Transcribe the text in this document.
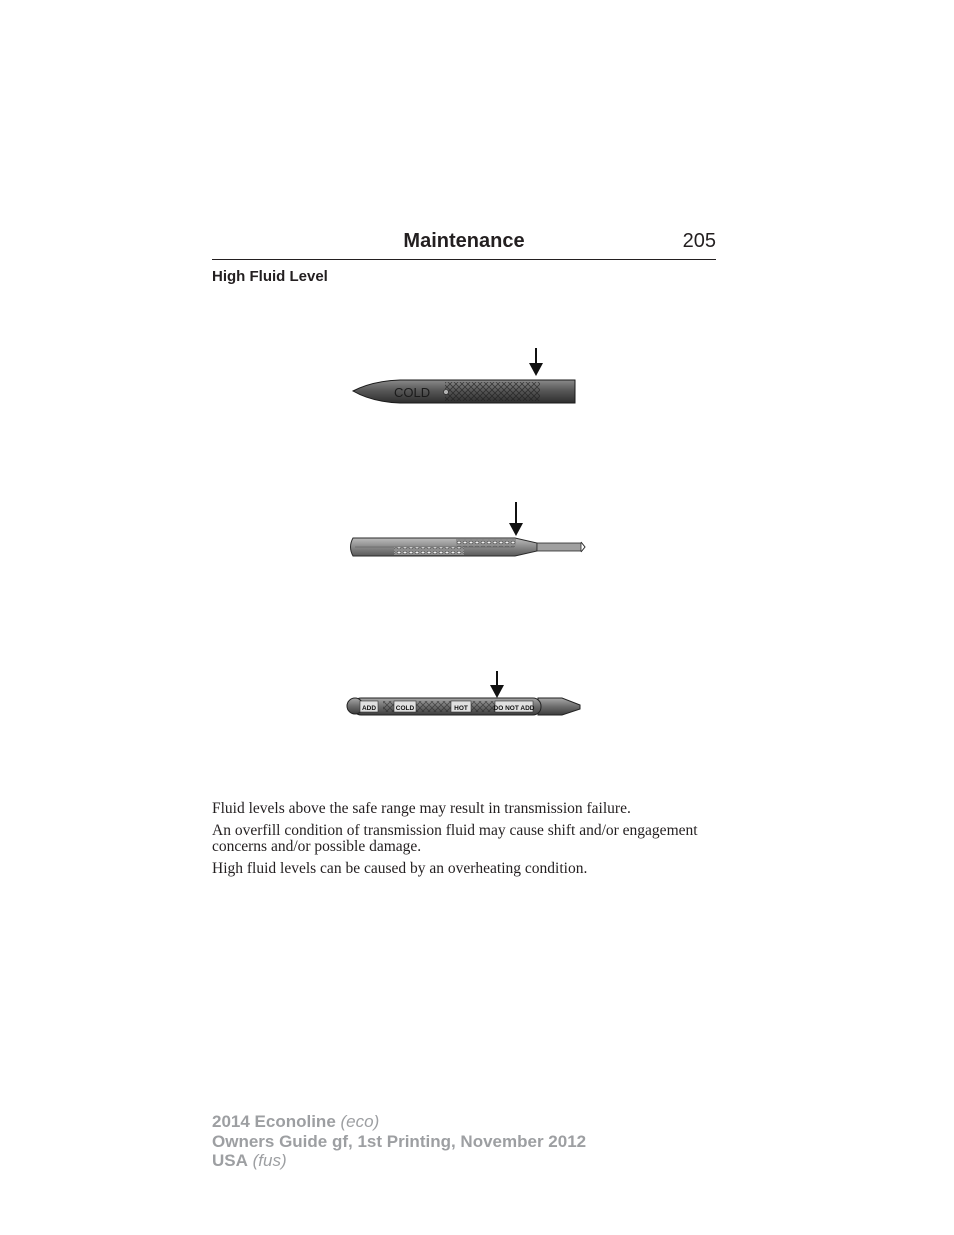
Maintenance	205
High Fluid Level
COLD
ADD	COLD	HOT	DO NOT ADD

Fluid levels above the safe range may result in transmission failure.

An overfill condition of transmission fluid may cause shift and/or engagement concerns and/or possible damage.

High fluid levels can be caused by an overheating condition.

2014 Econoline (eco)
Owners Guide gf, 1st Printing, November 2012
USA (fus)
